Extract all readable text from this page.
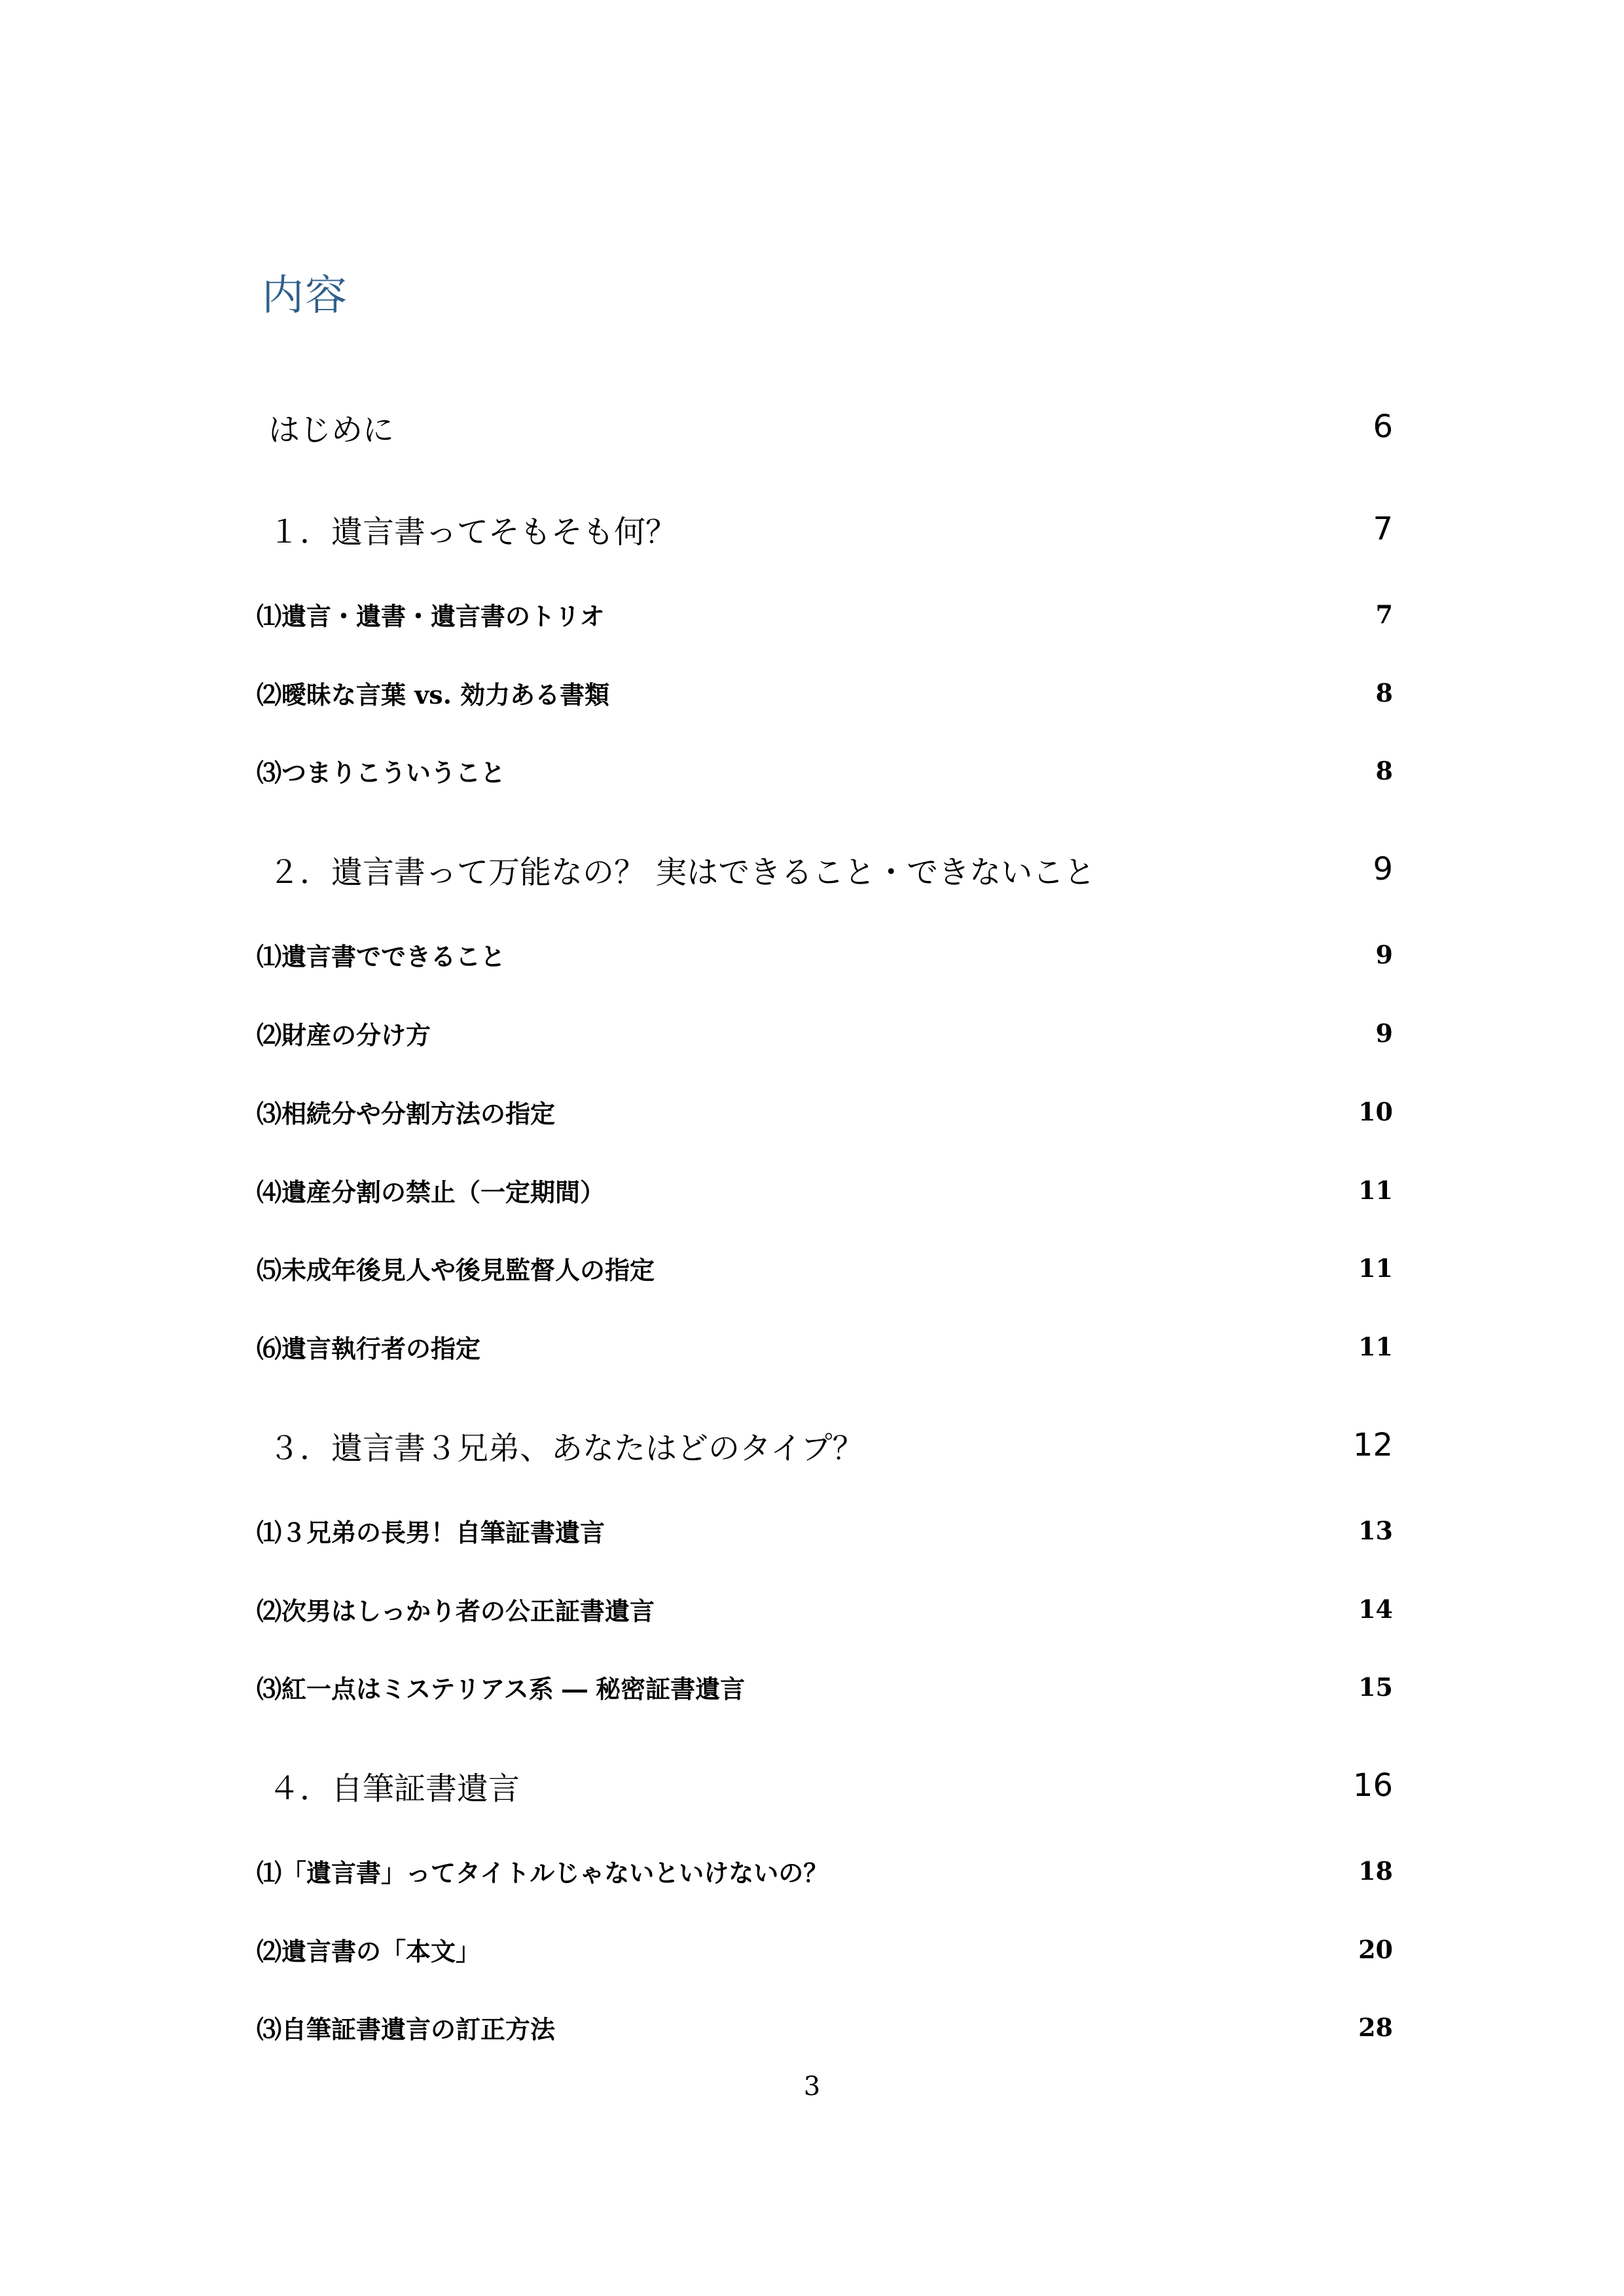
内容
はじめに	6
１．遺言書ってそもそも何？	7
⑴遺言・遺書・遺言書のトリオ	7
⑵曖昧な言葉 vs. 効力ある書類	8
⑶つまりこういうこと	8
２．遺言書って万能なの？ 実はできること・できないこと	9
⑴遺言書でできること	9
⑵財産の分け方	9
⑶相続分や分割方法の指定	10
⑷遺産分割の禁止（一定期間）	11
⑸未成年後見人や後見監督人の指定	11
⑹遺言執行者の指定	11
３．遺言書３兄弟、あなたはどのタイプ？	12
⑴３兄弟の長男！自筆証書遺言	13
⑵次男はしっかり者の公正証書遺言	14
⑶紅一点はミステリアス系 ― 秘密証書遺言	15
４．自筆証書遺言	16
⑴「遺言書」ってタイトルじゃないといけないの？	18
⑵遺言書の「本文」	20
⑶自筆証書遺言の訂正方法	28
3
